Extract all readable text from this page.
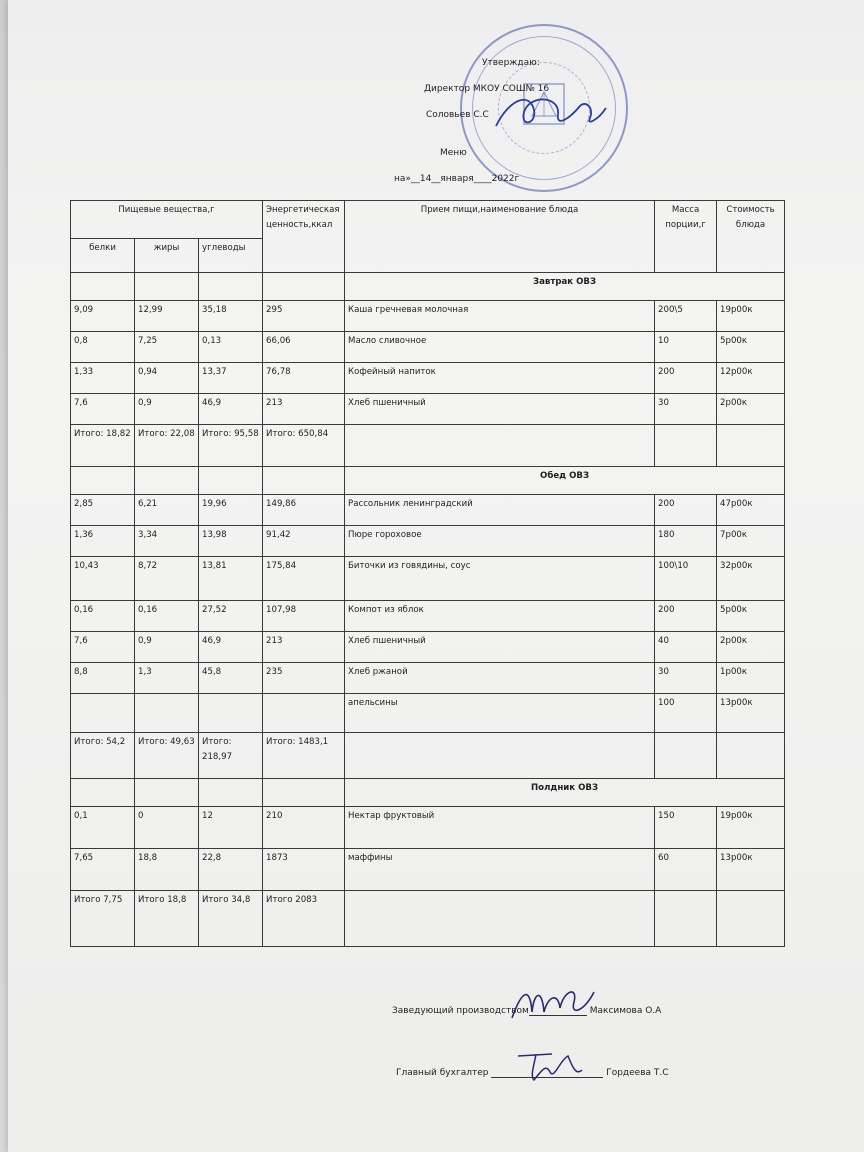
Утверждаю:
Директор МКОУ СОШ№ 16
Соловьев С.С
Меню
на»__14__января____2022г
Пищевые вещества,г			Энергетическая ценность,ккал	Прием пищи,наименование блюда	Масса порции,г	Стоимость блюда
белки	жиры	углеводы				
				Завтрак ОВЗ		
9,09	12,99	35,18	295	Каша гречневая молочная	200\5	19р00к
0,8	7,25	0,13	66,06	Масло сливочное	10	5р00к
1,33	0,94	13,37	76,78	Кофейный напиток	200	12р00к
7,6	0,9	46,9	213	Хлеб пшеничный	30	2р00к
Итого: 18,82	Итого: 22,08	Итого: 95,58	Итого: 650,84			
				Обед ОВЗ		
2,85	6,21	19,96	149,86	Рассольник ленинградский	200	47р00к
1,36	3,34	13,98	91,42	Пюре гороховое	180	7р00к
10,43	8,72	13,81	175,84	Биточки из говядины, соус	100\10	32р00к
0,16	0,16	27,52	107,98	Компот из яблок	200	5р00к
7,6	0,9	46,9	213	Хлеб пшеничный	40	2р00к
8,8	1,3	45,8	235	Хлеб ржаной	30	1р00к
				апельсины	100	13р00к
Итого: 54,2	Итого: 49,63	Итого: 218,97	Итого: 1483,1			
				Полдник ОВЗ		
0,1	0	12	210	Нектар фруктовый	150	19р00к
7,65	18,8	22,8	1873	маффины	60	13р00к
Итого 7,75	Итого 18,8	Итого 34,8	Итого 2083			
Заведующий производством	Максимова О.А
Главный бухгалтер	Гордеева Т.С
